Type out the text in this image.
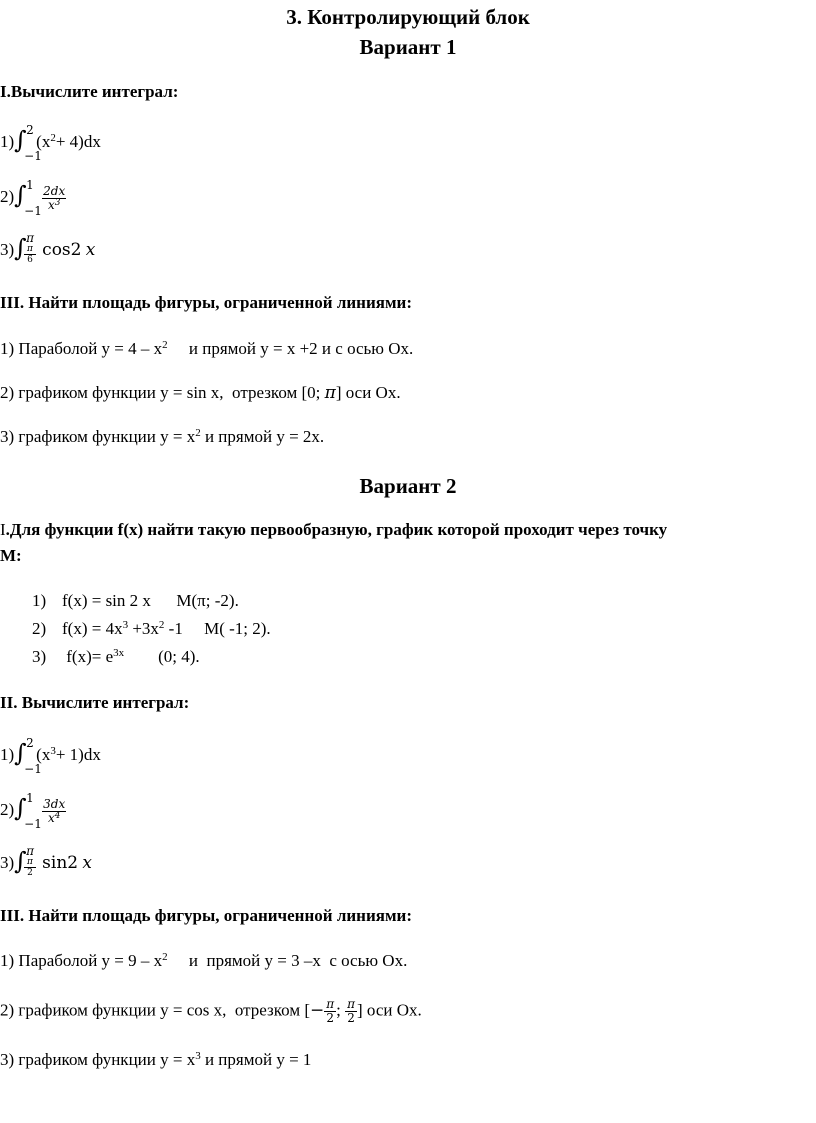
3. Контролирующий блок
Вариант 1
I.Вычислите интеграл:
1) ∫ 2
−1
$(x^2+ 4)dx$
2) ∫ 1
$-1 \frac{2dx}{x^3}$
3) ∫ π
cos2 x
π
6
III. Найти площадь фигуры, ограниченной линиями:
1) Параболой $y = 4 - x^2$     и прямой y = x +2 и с осью Ox.
2) графиком функции y = sin x,  отрезком [0; π] оси Ox.
3) графиком функции $y = x^2$ и прямой y = 2x.
Вариант 2
I.Для функции f(x) найти такую первообразную, график которой проходит через точку
M:
1) f(x) = sin 2 x      M(π; -2).
2) $f(x) = 4x^3 +3x^2$ -1     M( -1; 2).
3) $f(x)= e^{3x}$        (0; 4).
II. Вычислите интеграл:
1) ∫ 2
−1
$(x^3+ 1)dx$
2) ∫ 1
$-1 \frac{3dx}{x^4}$
3) ∫ π
sin2 x
π
2
III. Найти площадь фигуры, ограниченной линиями:
1) Параболой $y = 9 - x^2$     и  прямой y = 3 –x  с осью Ox.
2) графиком функции y = cos x,  отрезком [− $\frac{\pi}{2}$ ; $\frac{\pi}{2}$ ] оси Ox.
3) графиком функции $y = x^3$ и прямой y = 1
